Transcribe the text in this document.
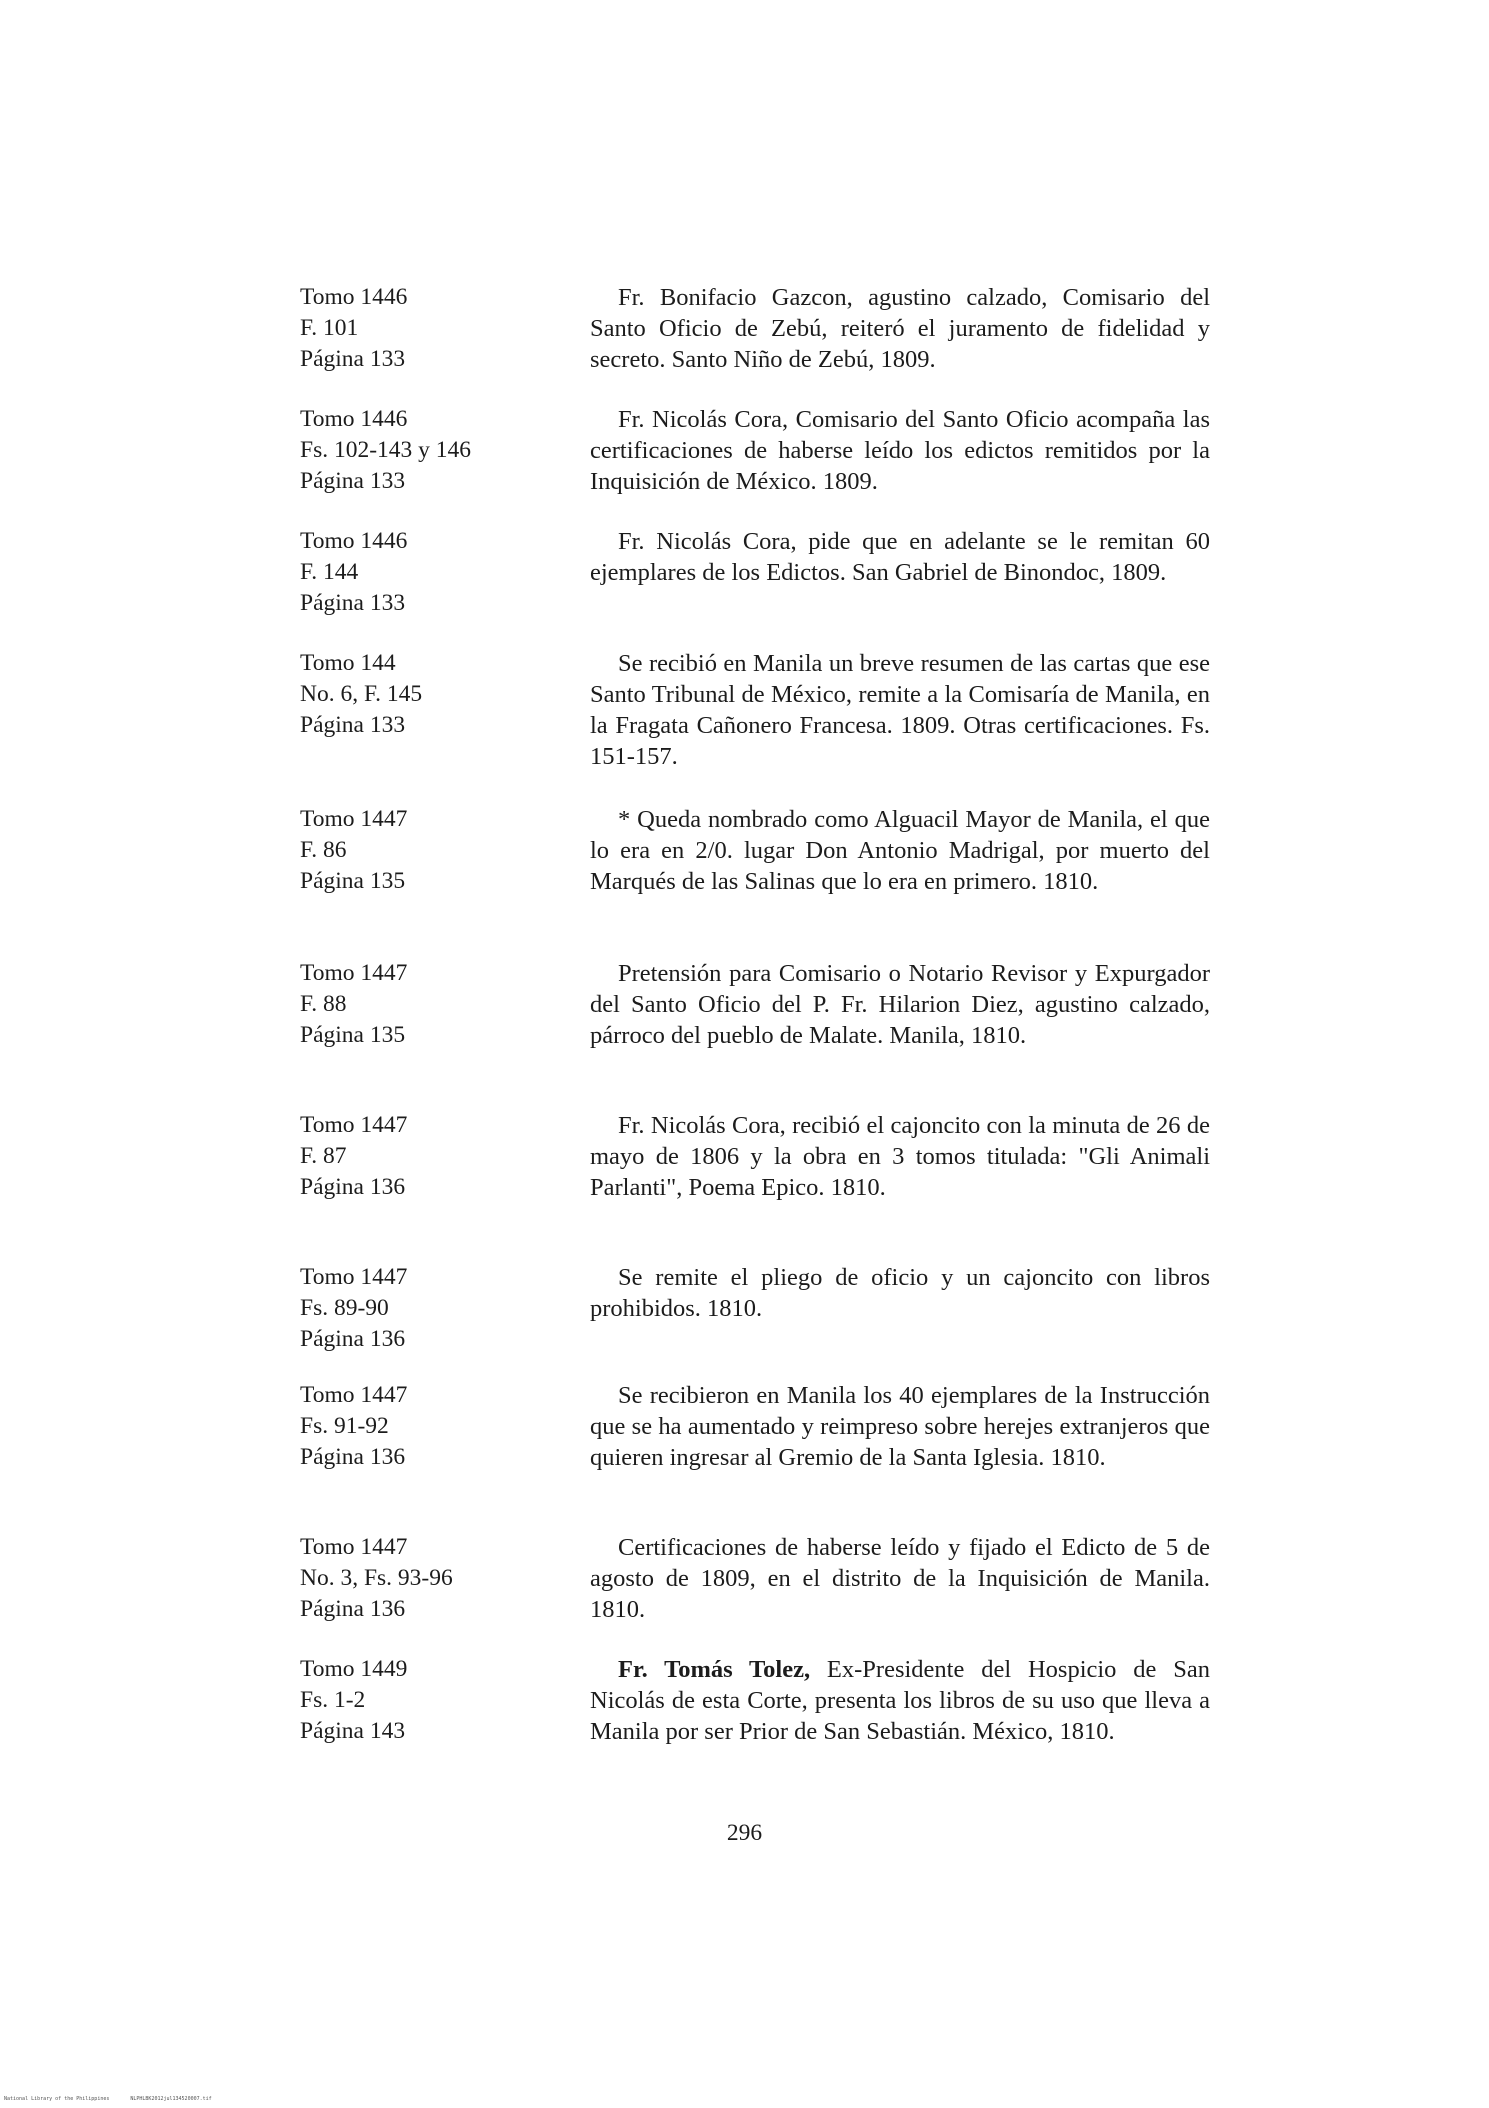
Tomo 1446
F. 101
Página 133
Fr. Bonifacio Gazcon, agustino calzado, Comisario del Santo Oficio de Zebú, reiteró el juramento de fidelidad y secreto. Santo Niño de Zebú, 1809.
Tomo 1446
Fs. 102-143 y 146
Página 133
Fr. Nicolás Cora, Comisario del Santo Oficio acompaña las certificaciones de haberse leído los edictos remitidos por la Inquisición de México. 1809.
Tomo 1446
F. 144
Página 133
Fr. Nicolás Cora, pide que en adelante se le remitan 60 ejemplares de los Edictos. San Gabriel de Binondoc, 1809.
Tomo 144
No. 6, F. 145
Página 133
Se recibió en Manila un breve resumen de las cartas que ese Santo Tribunal de México, remite a la Comisaría de Manila, en la Fragata Cañonero Francesa. 1809. Otras certificaciones. Fs. 151-157.
Tomo 1447
F. 86
Página 135
* Queda nombrado como Alguacil Mayor de Manila, el que lo era en 2/0. lugar Don Antonio Madrigal, por muerto del Marqués de las Salinas que lo era en primero. 1810.
Tomo 1447
F. 88
Página 135
Pretensión para Comisario o Notario Revisor y Expurgador del Santo Oficio del P. Fr. Hilarion Diez, agustino calzado, párroco del pueblo de Malate. Manila, 1810.
Tomo 1447
F. 87
Página 136
Fr. Nicolás Cora, recibió el cajoncito con la minuta de 26 de mayo de 1806 y la obra en 3 tomos titulada: "Gli Animali Parlanti", Poema Epico. 1810.
Tomo 1447
Fs. 89-90
Página 136
Se remite el pliego de oficio y un cajoncito con libros prohibidos. 1810.
Tomo 1447
Fs. 91-92
Página 136
Se recibieron en Manila los 40 ejemplares de la Instrucción que se ha aumentado y reimpreso sobre herejes extranjeros que quieren ingresar al Gremio de la Santa Iglesia. 1810.
Tomo 1447
No. 3, Fs. 93-96
Página 136
Certificaciones de haberse leído y fijado el Edicto de 5 de agosto de 1809, en el distrito de la Inquisición de Manila. 1810.
Tomo 1449
Fs. 1-2
Página 143
Fr. Tomás Tolez, Ex-Presidente del Hospicio de San Nicolás de esta Corte, presenta los libros de su uso que lleva a Manila por ser Prior de San Sebastián. México, 1810.
296
National Library of the Philippines	NLPHLBK2012jul134520007.tif
